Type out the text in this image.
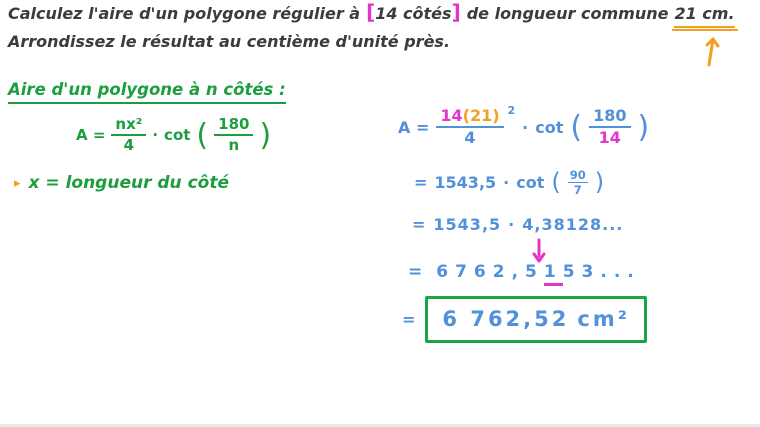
Calculez l'aire d'un polygone régulier à [ 14 côtés ] de longueur commune 21 cm.
Arrondissez le résultat au centième d'unité près.
Aire d'un polygone à n côtés :
$A = \frac{\text{nx²}}{4} \cdot \cot$ ( $\frac{180}{n}$ )
▸ x = longueur du côté
$A = \frac{14(21)}{4} 2$
· cot ( $\frac{180}{14}$ )
= 1543,5 · cot ( $\frac{90}{7}$ )
= 1543,5 · 4,38128...
= 6762,5153...
= 6 762,52 cm²
